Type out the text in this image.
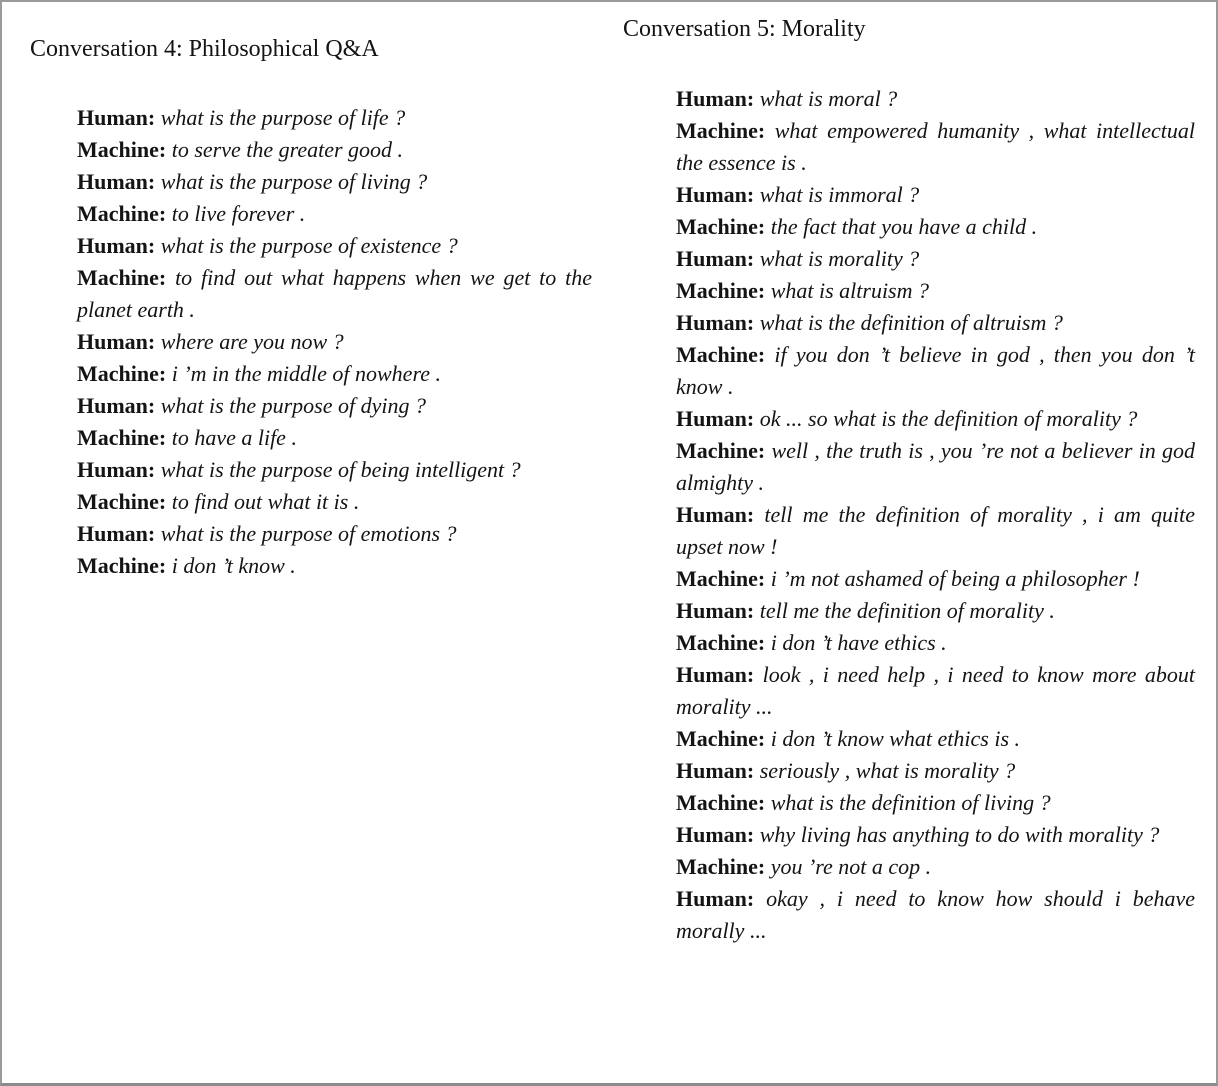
Conversation 4: Philosophical Q&A

Human: what is the purpose of life ?

Machine: to serve the greater good .

Human: what is the purpose of living ?

Machine: to live forever .

Human: what is the purpose of existence ?

Machine: to find out what happens when we get to the planet earth .

Human: where are you now ?

Machine: i ’m in the middle of nowhere .

Human: what is the purpose of dying ?

Machine: to have a life .

Human: what is the purpose of being intelligent ?

Machine: to find out what it is .

Human: what is the purpose of emotions ?

Machine: i don ’t know .

Conversation 5: Morality

Human: what is moral ?

Machine: what empowered humanity , what intellectual the essence is .

Human: what is immoral ?

Machine: the fact that you have a child .

Human: what is morality ?

Machine: what is altruism ?

Human: what is the definition of altruism ?

Machine: if you don ’t believe in god , then you don ’t know .

Human: ok ... so what is the definition of morality ?

Machine: well , the truth is , you ’re not a believer in god almighty .

Human: tell me the definition of morality , i am quite upset now !

Machine: i ’m not ashamed of being a philosopher !

Human: tell me the definition of morality .

Machine: i don ’t have ethics .

Human: look , i need help , i need to know more about morality ...

Machine: i don ’t know what ethics is .

Human: seriously , what is morality ?

Machine: what is the definition of living ?

Human: why living has anything to do with morality ?

Machine: you ’re not a cop .

Human: okay , i need to know how should i behave morally ...
